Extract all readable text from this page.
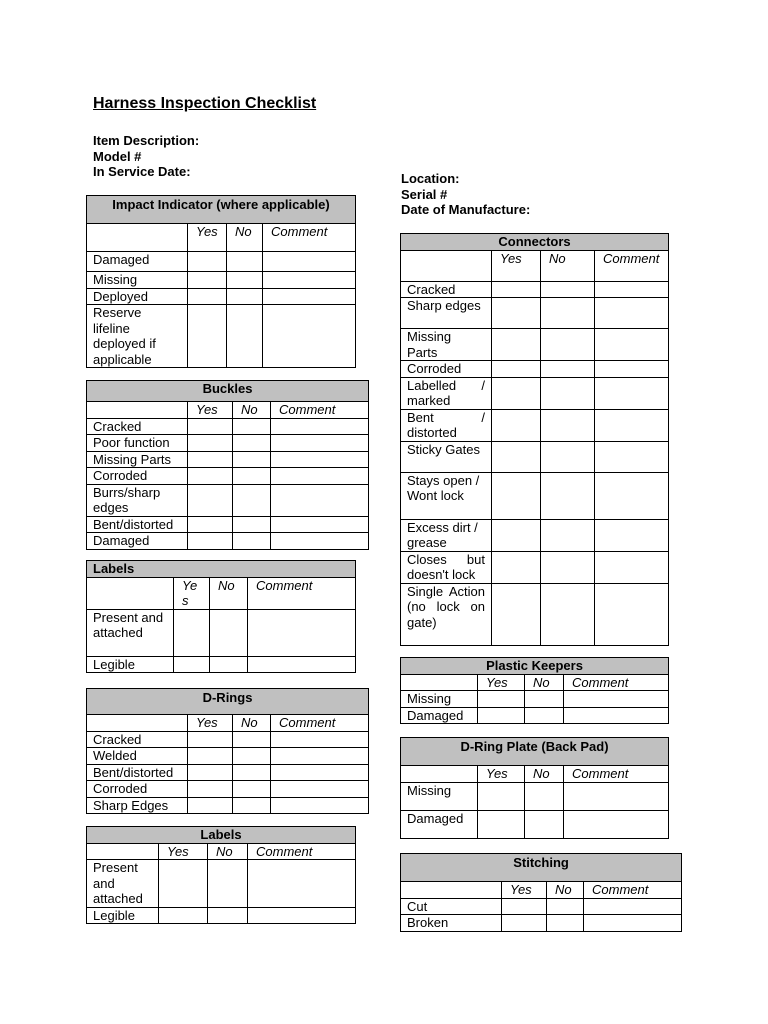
Harness Inspection Checklist
Item Description:
Model #
In Service Date:	Location:
Serial #
Date of Manufacture:
Impact Indicator (where applicable)			
	Yes	No	Comment
Damaged			
Missing			
Deployed			
Reserve lifeline deployed if applicable			
Buckles			
	Yes	No	Comment
Cracked			
Poor function			
Missing Parts			
Corroded			
Burrs/sharp edges			
Bent/distorted			
Damaged			
Labels			
	Yes	No	Comment
Present and attached			
Legible			
D-Rings			
	Yes	No	Comment
Cracked			
Welded			
Bent/distorted			
Corroded			
Sharp Edges			
Labels			
	Yes	No	Comment
Present and attached			
Legible			
Connectors			
	Yes	No	Comment
Cracked			
Sharp edges			
Missing Parts			
Corroded			
Labelled / marked			
Bent / distorted			
Sticky Gates			
Stays open / Wont lock			
Excess dirt / grease			
Closes but doesn't lock			
Single Action (no lock on gate)			
Plastic Keepers			
	Yes	No	Comment
Missing			
Damaged			
D-Ring Plate (Back Pad)			
	Yes	No	Comment
Missing			
Damaged			
Stitching			
	Yes	No	Comment
Cut			
Broken			
